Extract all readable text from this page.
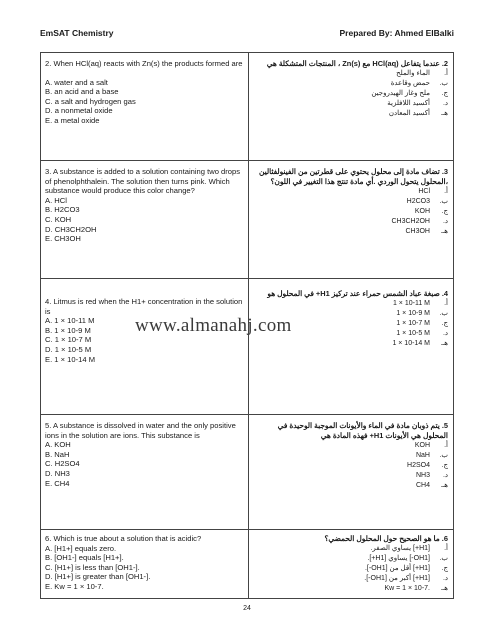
EmSAT Chemistry	Prepared By: Ahmed ElBalki
2. When HCl(aq) reacts with Zn(s) the products formed are
A. water and a salt
B. an acid and a base
C. a salt and hydrogen gas
D. a nonmetal oxide
E. a metal oxide
2. عندما يتفاعل HCl(aq) مع Zn(s) ، المنتجات المتشكلة هي
أ.الماء والملح
ب.حمض وقاعدة
ج.ملح وغاز الهيدروجين
د.أكسيد اللافلزية
هـ.أكسيد المعادن
3. A substance is added to a solution containing two drops of phenolphthalein. The solution then turns pink. Which substance would produce this color change?
A. HCl
B. H2CO3
C. KOH
D. CH3CH2OH
E. CH3OH
3. تضاف مادة إلى محلول يحتوي على قطرتين من الفينولفثالين ،المحلول يتحول الوردي .أي مادة تنتج هذا التغيير في اللون؟
أ.HCl
ب.H2CO3
ج.KOH
د.CH3CH2OH
هـ.CH3OH
4. Litmus is red when the H1+ concentration in the solution is
A. 1 × 10-11 M
B. 1 × 10-9 M
C. 1 × 10-7 M
D. 1 × 10-5 M
E. 1 × 10-14 M
4. صبغة عباد الشمس حمراء عند تركيز H1+ في المحلول هو
أ.1 × 10-11 M
ب.1 × 10-9 M
ج.1 × 10-7 M
د.1 × 10-5 M
هـ.1 × 10-14 M
5. A substance is dissolved in water and the only positive ions in the solution are ions. This substance is
A. KOH
B. NaH
C. H2SO4
D. NH3
E. CH4
5. يتم ذوبان مادة في الماء والأيونات الموجبة الوحيدة في المحلول هي الأيونات H1+ فهذه المادة هي
أ.KOH
ب.NaH
ج.H2SO4
د.NH3
هـ.CH4
6. Which is true about a solution that is acidic?
A. [H1+] equals zero.
B. [OH1-] equals [H1+].
C. [H1+] is less than [OH1-].
D. [H1+] is greater than [OH1-].
E. Kw = 1 × 10-7.
6. ما هو الصحيح حول المحلول الحمضي؟
أ.[H1+] يساوي الصفر.
ب.[OH1-] يساوي [H1+].
ج.[H1+] أقل من [OH1-].
د.[H1+] أكبر من [OH1-].
هـ.Kw = 1 × 10-7.
www.almanahj.com
24
